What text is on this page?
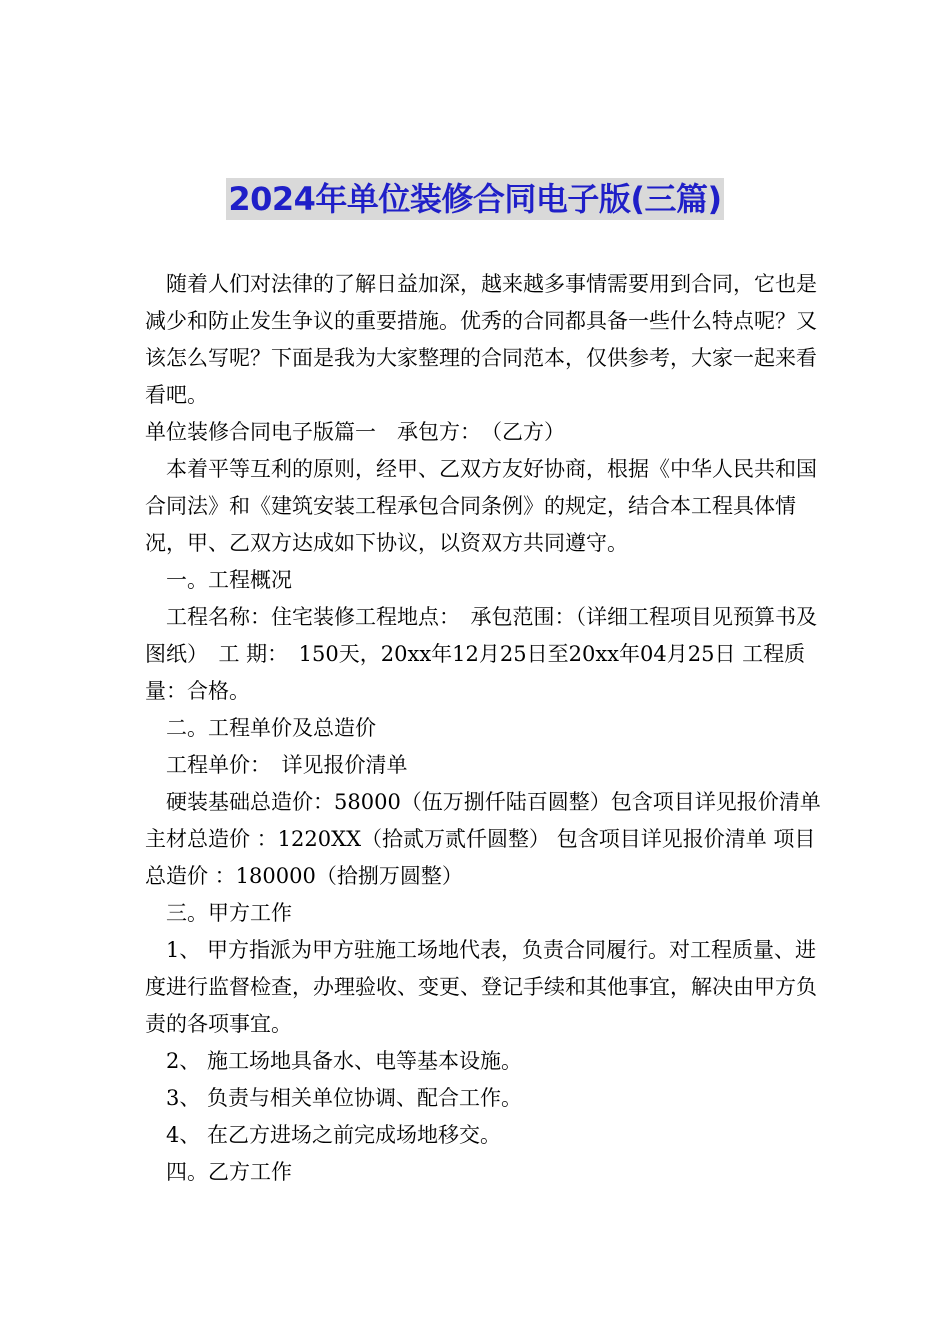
2024年单位装修合同电子版(三篇)

随着人们对法律的了解日益加深，越来越多事情需要用到合同，它也是减少和防止发生争议的重要措施。优秀的合同都具备一些什么特点呢？又该怎么写呢？下面是我为大家整理的合同范本，仅供参考，大家一起来看看吧。

单位装修合同电子版篇一　承包方：　（乙方）

本着平等互利的原则，经甲、乙双方友好协商，根据《中华人民共和国合同法》和《建筑安装工程承包合同条例》的规定，结合本工程具体情况，甲、乙双方达成如下协议，以资双方共同遵守。

一。工程概况

工程名称：住宅装修工程地点：　承包范围：（详细工程项目见预算书及图纸）　工 期：　150天，20xx年12月25日至20xx年04月25日 工程质量：合格。

二。工程单价及总造价

工程单价：　详见报价清单

硬装基础总造价：58000（伍万捌仟陆百圆整）包含项目详见报价清单 主材总造价 ：1220XX（拾贰万贰仟圆整） 包含项目详见报价清单 项目总造价 ：180000（拾捌万圆整）

三。甲方工作

1、 甲方指派为甲方驻施工场地代表，负责合同履行。对工程质量、进度进行监督检查，办理验收、变更、登记手续和其他事宜，解决由甲方负责的各项事宜。

2、 施工场地具备水、电等基本设施。

3、 负责与相关单位协调、配合工作。

4、 在乙方进场之前完成场地移交。

四。乙方工作
